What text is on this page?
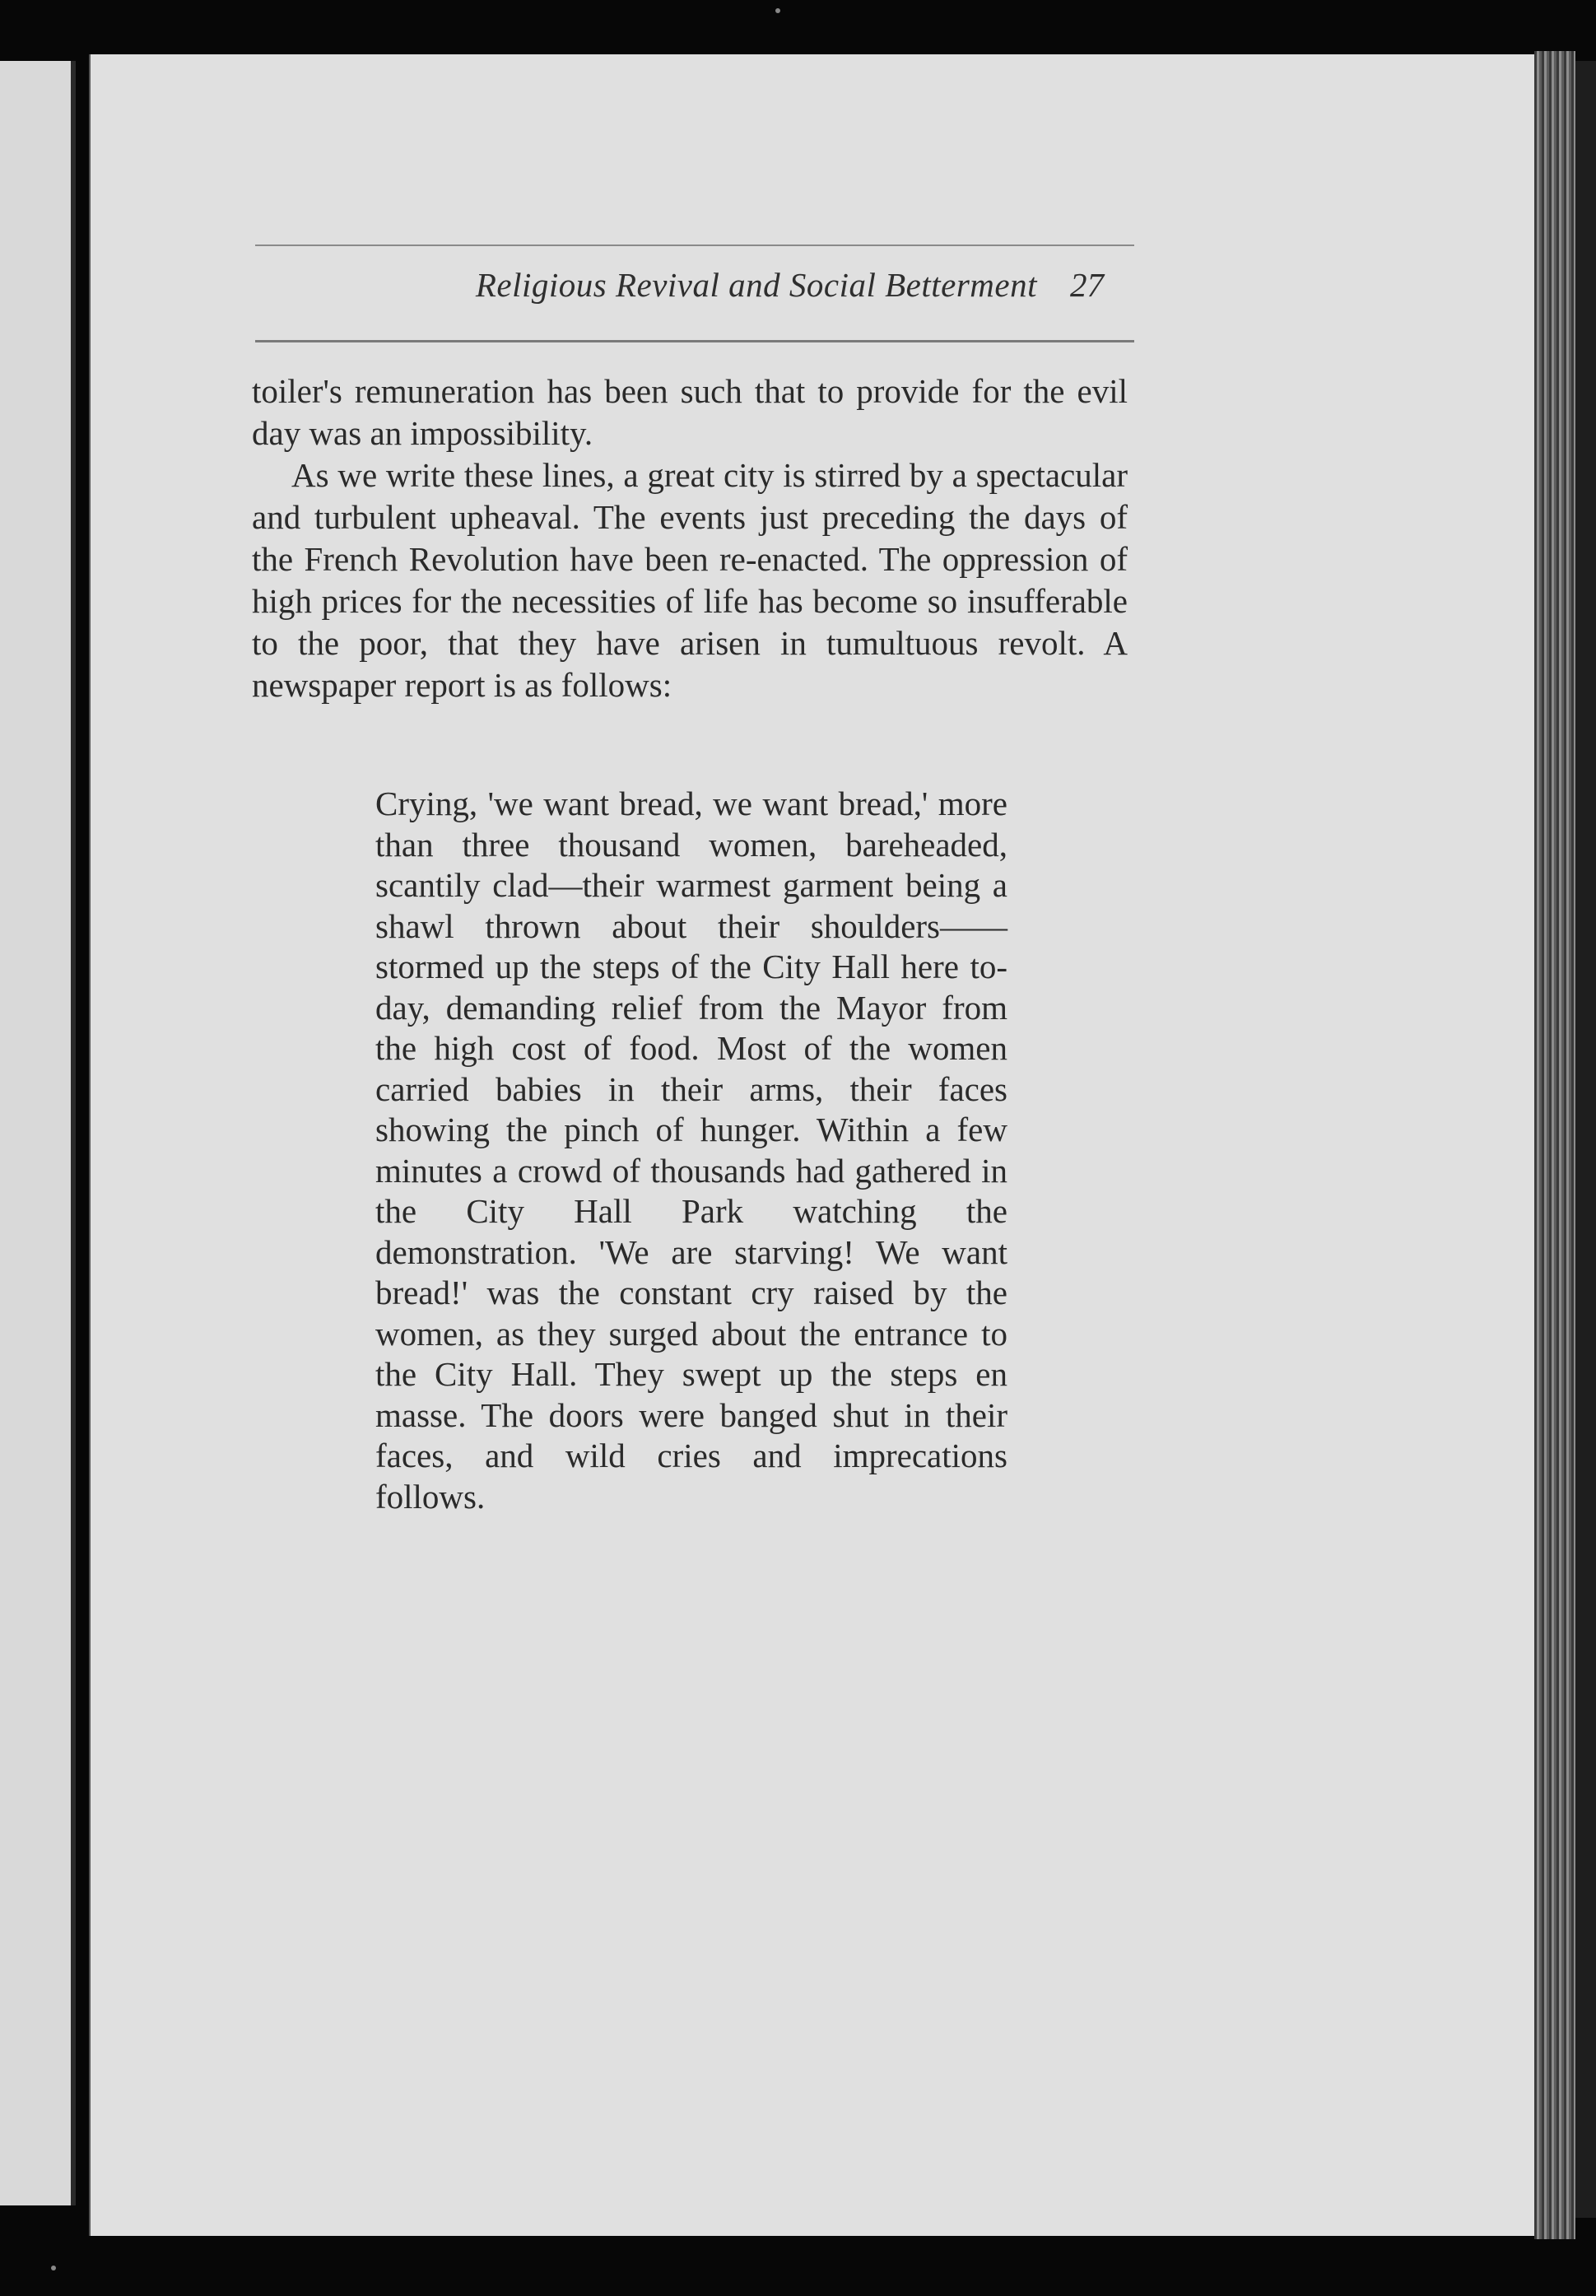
Religious Revival and Social Betterment 27

toiler's remuneration has been such that to provide for the evil day was an impossibility.

As we write these lines, a great city is stirred by a spectacular and turbulent upheaval. The events just preceding the days of the French Revolution have been re-enacted. The oppression of high prices for the necessities of life has become so insufferable to the poor, that they have arisen in tumultuous revolt. A newspaper report is as follows:

Crying, 'we want bread, we want bread,' more than three thousand women, bareheaded, scantily clad—their warmest garment being a shawl thrown about their shoulders——stormed up the steps of the City Hall here to-day, demanding relief from the Mayor from the high cost of food. Most of the women carried babies in their arms, their faces showing the pinch of hunger. Within a few minutes a crowd of thousands had gathered in the City Hall Park watching the demonstration. 'We are starving! We want bread!' was the constant cry raised by the women, as they surged about the entrance to the City Hall. They swept up the steps en masse. The doors were banged shut in their faces, and wild cries and imprecations follows.
